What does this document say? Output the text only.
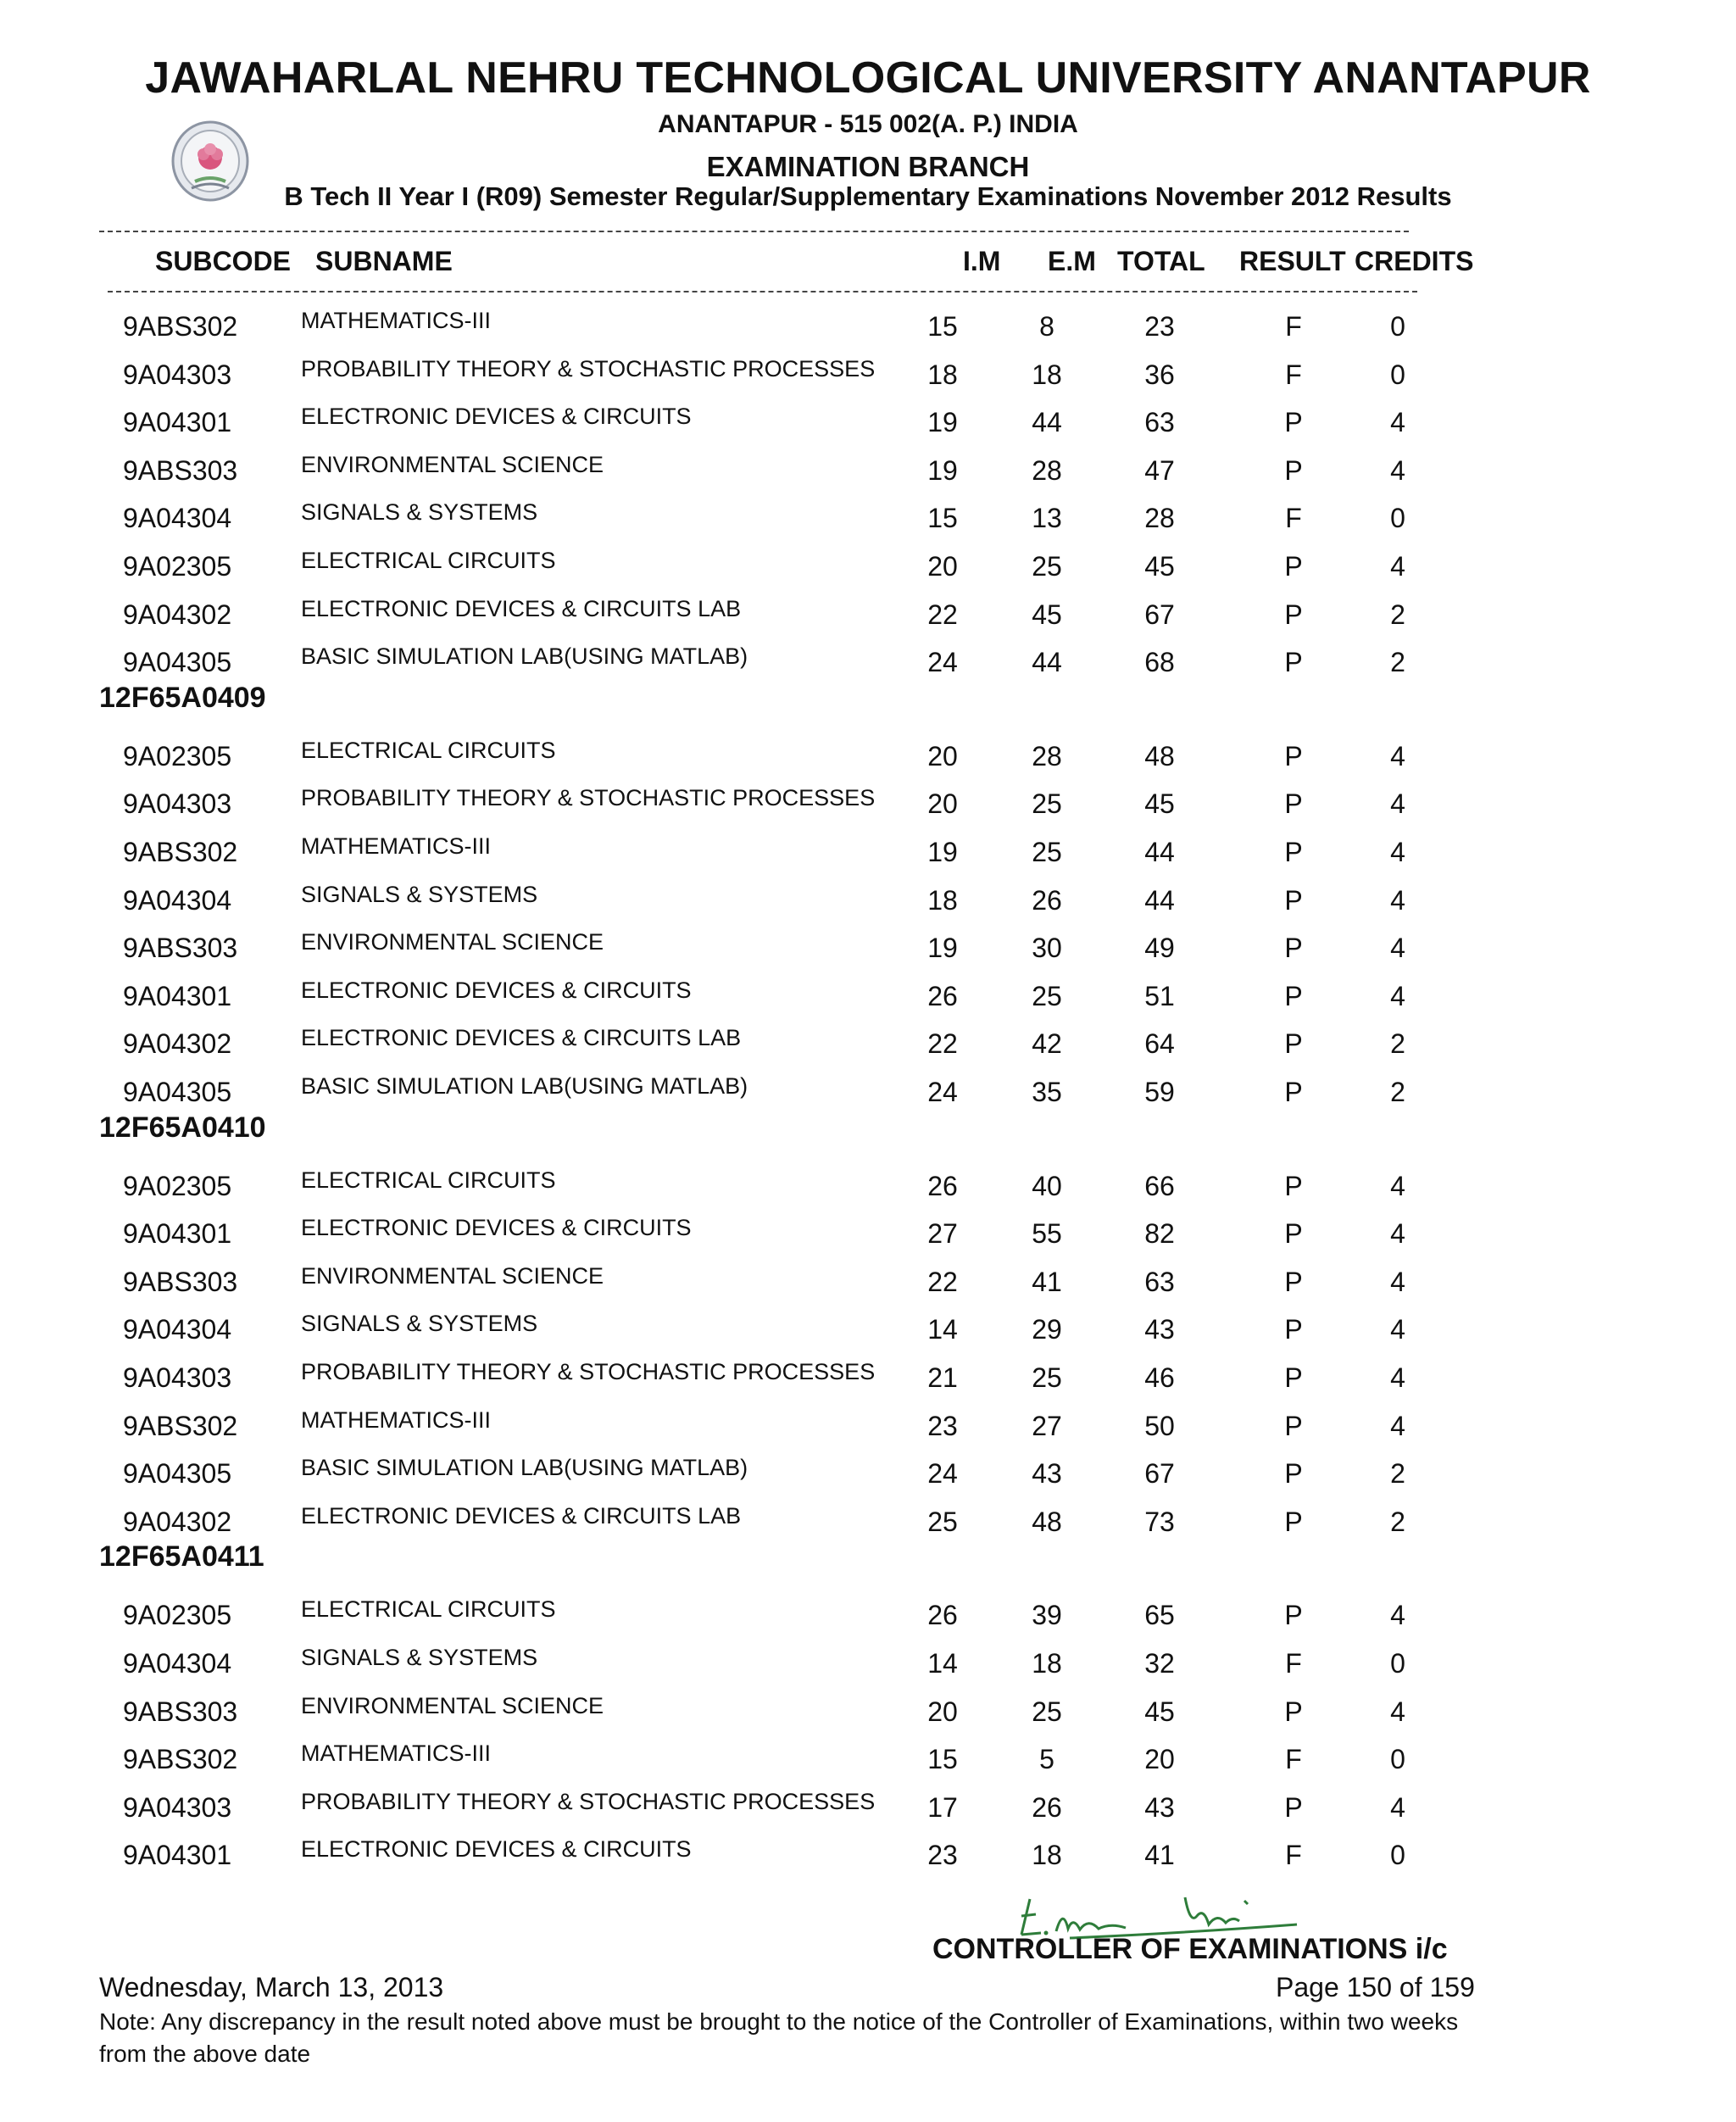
JAWAHARLAL NEHRU TECHNOLOGICAL UNIVERSITY ANANTAPUR
ANANTAPUR - 515 002(A. P.) INDIA
EXAMINATION BRANCH
B Tech II Year I (R09) Semester Regular/Supplementary Examinations November 2012 Results
SUBCODE SUBNAME	I.M E.M TOTAL RESULT CREDITS
9ABS302	MATHEMATICS-III	15	8	23	F	0
9A04303	PROBABILITY THEORY & STOCHASTIC PROCESSES	18	18	36	F	0
9A04301	ELECTRONIC DEVICES & CIRCUITS	19	44	63	P	4
9ABS303	ENVIRONMENTAL SCIENCE	19	28	47	P	4
9A04304	SIGNALS & SYSTEMS	15	13	28	F	0
9A02305	ELECTRICAL CIRCUITS	20	25	45	P	4
9A04302	ELECTRONIC DEVICES & CIRCUITS LAB	22	45	67	P	2
9A04305	BASIC SIMULATION LAB(USING MATLAB)	24	44	68	P	2
12F65A0409
9A02305	ELECTRICAL CIRCUITS	20	28	48	P	4
9A04303	PROBABILITY THEORY & STOCHASTIC PROCESSES	20	25	45	P	4
9ABS302	MATHEMATICS-III	19	25	44	P	4
9A04304	SIGNALS & SYSTEMS	18	26	44	P	4
9ABS303	ENVIRONMENTAL SCIENCE	19	30	49	P	4
9A04301	ELECTRONIC DEVICES & CIRCUITS	26	25	51	P	4
9A04302	ELECTRONIC DEVICES & CIRCUITS LAB	22	42	64	P	2
9A04305	BASIC SIMULATION LAB(USING MATLAB)	24	35	59	P	2
12F65A0410
9A02305	ELECTRICAL CIRCUITS	26	40	66	P	4
9A04301	ELECTRONIC DEVICES & CIRCUITS	27	55	82	P	4
9ABS303	ENVIRONMENTAL SCIENCE	22	41	63	P	4
9A04304	SIGNALS & SYSTEMS	14	29	43	P	4
9A04303	PROBABILITY THEORY & STOCHASTIC PROCESSES	21	25	46	P	4
9ABS302	MATHEMATICS-III	23	27	50	P	4
9A04305	BASIC SIMULATION LAB(USING MATLAB)	24	43	67	P	2
9A04302	ELECTRONIC DEVICES & CIRCUITS LAB	25	48	73	P	2
12F65A0411
9A02305	ELECTRICAL CIRCUITS	26	39	65	P	4
9A04304	SIGNALS & SYSTEMS	14	18	32	F	0
9ABS303	ENVIRONMENTAL SCIENCE	20	25	45	P	4
9ABS302	MATHEMATICS-III	15	5	20	F	0
9A04303	PROBABILITY THEORY & STOCHASTIC PROCESSES	17	26	43	P	4
9A04301	ELECTRONIC DEVICES & CIRCUITS	23	18	41	F	0
CONTROLLER OF EXAMINATIONS i/c
Wednesday, March 13, 2013	Page 150 of 159
Note: Any discrepancy in the result noted above must be brought to the notice of the Controller of Examinations, within two weeks from the above date
